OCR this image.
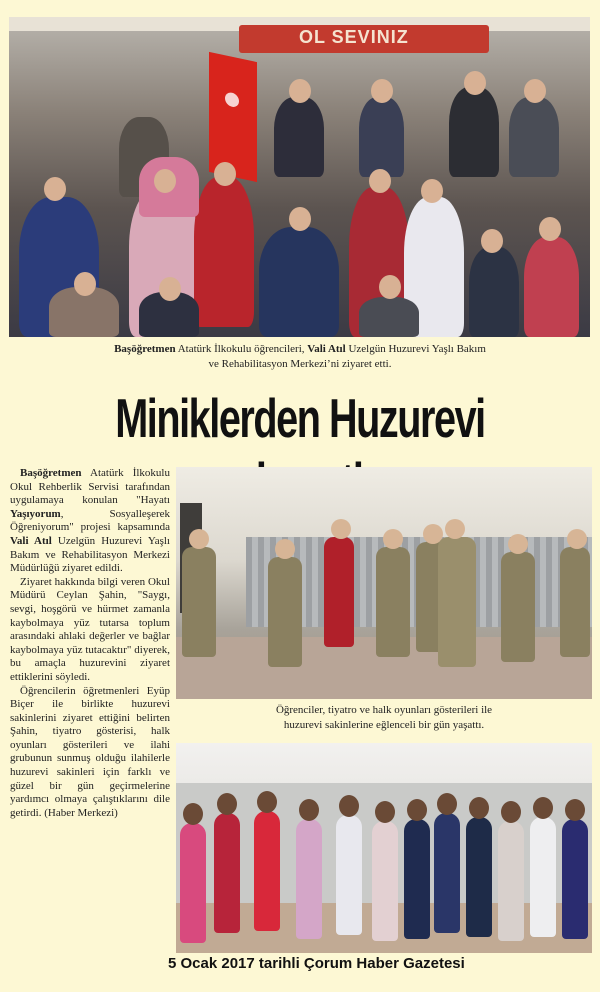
OL SEVINIZ
Başöğretmen Atatürk İlkokulu öğrencileri, Vali Atıl Uzelgün Huzurevi Yaşlı Bakım
ve Rehabilitasyon Merkezi’ni ziyaret etti.
Miniklerden Huzurevi

Başöğretmen Atatürk İlkokulu Okul Rehberlik Servisi tarafından uygulamaya konulan "Hayatı Yaşıyorum, Sosyalleşerek Öğreniyorum" projesi kapsamında Vali Atıl Uzelgün Huzurevi Yaşlı Bakım ve Rehabilitasyon Merkezi Müdürlüğü ziyaret edildi.

Ziyaret hakkında bilgi veren Okul Müdürü Ceylan Şahin, "Saygı, sevgi, hoşgörü ve hürmet zamanla kaybolmaya yüz tutarsa toplum arasındaki ahlaki değerler ve bağlar kaybolmaya yüz tutacaktır" diyerek, bu amaçla huzurevini ziyaret ettiklerini söyledi.

Öğrencilerin öğretmenleri Eyüp Biçer ile birlikte huzurevi sakinlerini ziyaret ettiğini belirten Şahin, tiyatro gösterisi, halk oyunları gösterileri ve ilahi grubunun sunmuş olduğu ilahilerle huzurevi sakinleri için farklı ve güzel bir gün geçirmelerine yardımcı olmaya çalıştıklarını dile getirdi. (Haber Merkezi)

Öğrenciler, tiyatro ve halk oyunları gösterileri ile
huzurevi sakinlerine eğlenceli bir gün yaşattı.
5 Ocak 2017 tarihli Çorum Haber Gazetesi
